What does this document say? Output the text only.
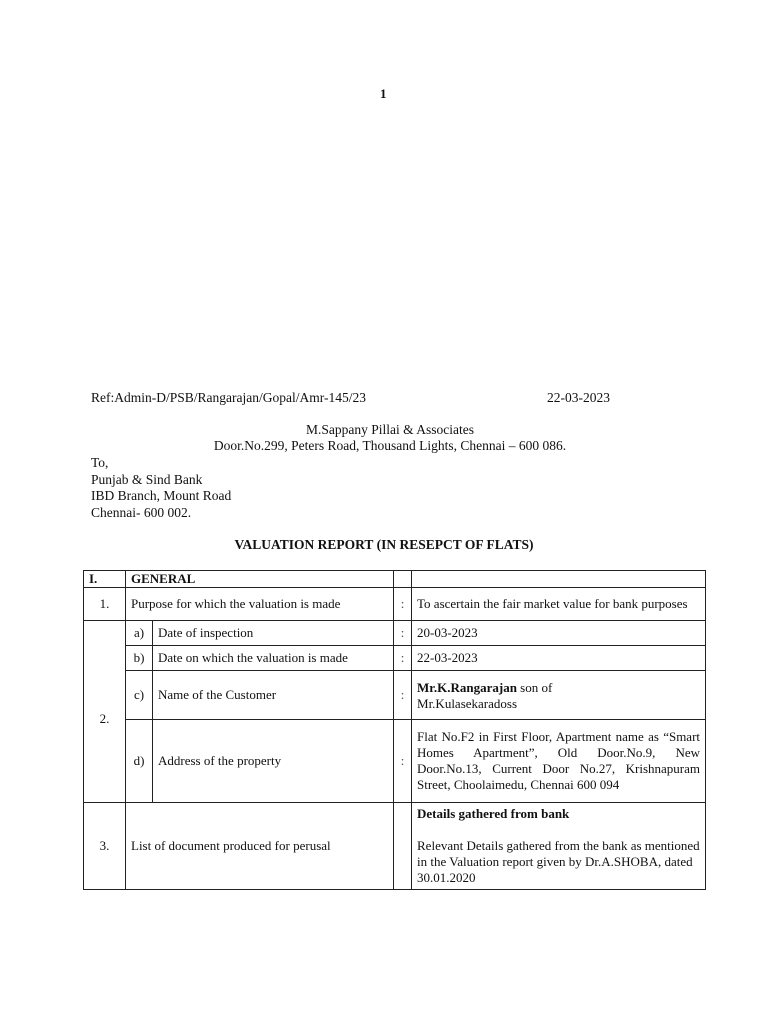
1
Ref:Admin-D/PSB/Rangarajan/Gopal/Amr-145/23	22-03-2023
M.Sappany Pillai & Associates
Door.No.299, Peters Road, Thousand Lights, Chennai – 600 086.
To,
Punjab & Sind Bank
IBD Branch, Mount Road
Chennai- 600 002.
VALUATION REPORT (IN RESEPCT OF FLATS)
I.	GENERAL			
1.	Purpose for which the valuation is made		:	To ascertain the fair market value for bank purposes
2.	a)	Date of inspection	:	20-03-2023
	b)	Date on which the valuation is made	:	22-03-2023
	c)	Name of the Customer	:	Mr.K.Rangarajan son of
Mr.Kulasekaradoss
	d)	Address of the property	:	Flat No.F2 in First Floor, Apartment name as “Smart Homes Apartment”, Old Door.No.9, New Door.No.13, Current Door No.27, Krishnapuram Street, Choolaimedu, Chennai 600 094
3.	List of document produced for perusal			Details gathered from bank
Relevant Details gathered from the bank as mentioned in the Valuation report given by Dr.A.SHOBA, dated 30.01.2020
